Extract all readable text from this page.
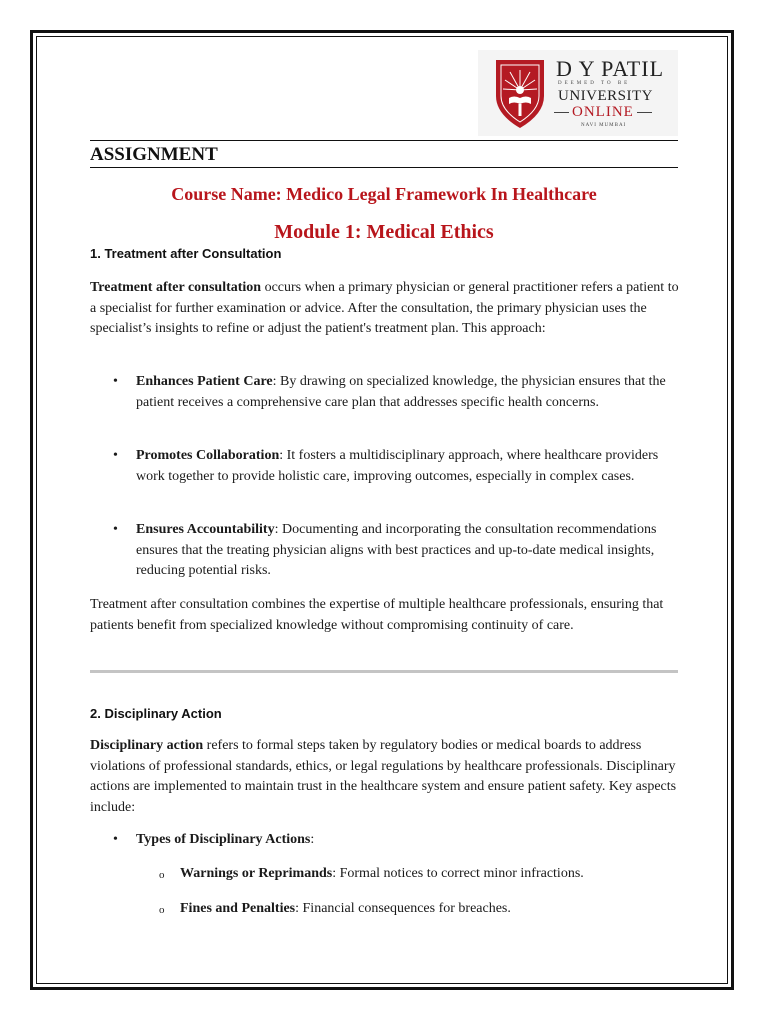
D Y PATIL
DEEMED TO BE
UNIVERSITY
ONLINE
NAVI MUMBAI
ASSIGNMENT
Course Name: Medico Legal Framework In Healthcare
Module 1: Medical Ethics
1. Treatment after Consultation
Treatment after consultation occurs when a primary physician or general practitioner refers a patient to a specialist for further examination or advice. After the consultation, the primary physician uses the specialist’s insights to refine or adjust the patient's treatment plan. This approach:
• Enhances Patient Care: By drawing on specialized knowledge, the physician ensures that the patient receives a comprehensive care plan that addresses specific health concerns.
• Promotes Collaboration: It fosters a multidisciplinary approach, where healthcare providers work together to provide holistic care, improving outcomes, especially in complex cases.
• Ensures Accountability: Documenting and incorporating the consultation recommendations ensures that the treating physician aligns with best practices and up-to-date medical insights, reducing potential risks.
Treatment after consultation combines the expertise of multiple healthcare professionals, ensuring that patients benefit from specialized knowledge without compromising continuity of care.
2. Disciplinary Action
Disciplinary action refers to formal steps taken by regulatory bodies or medical boards to address violations of professional standards, ethics, or legal regulations by healthcare professionals. Disciplinary actions are implemented to maintain trust in the healthcare system and ensure patient safety. Key aspects include:
• Types of Disciplinary Actions:
o Warnings or Reprimands: Formal notices to correct minor infractions.
o Fines and Penalties: Financial consequences for breaches.
